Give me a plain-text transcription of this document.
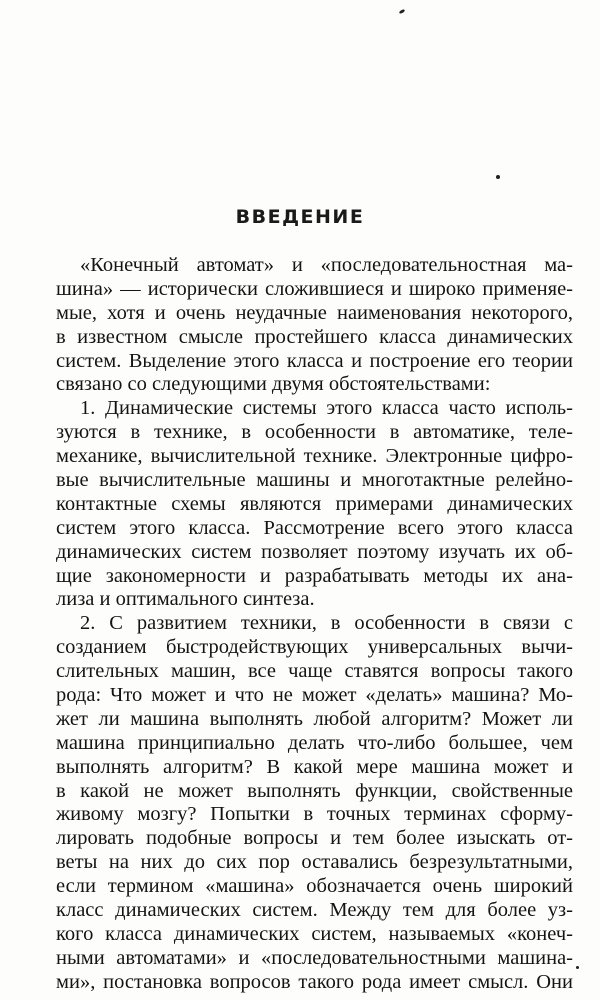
ВВЕДЕНИЕ
«Конечный автомат» и «последовательностная ма-
шина» — исторически сложившиеся и широко применяе-
мые, хотя и очень неудачные наименования некоторого,
в известном смысле простейшего класса динамических
систем. Выделение этого класса и построение его теории
связано со следующими двумя обстоятельствами:
1. Динамические системы этого класса часто исполь-
зуются в технике, в особенности в автоматике, теле-
механике, вычислительной технике. Электронные цифро-
вые вычислительные машины и многотактные релейно-
контактные схемы являются примерами динамических
систем этого класса. Рассмотрение всего этого класса
динамических систем позволяет поэтому изучать их об-
щие закономерности и разрабатывать методы их ана-
лиза и оптимального синтеза.
2. С развитием техники, в особенности в связи с
созданием быстродействующих универсальных вычи-
слительных машин, все чаще ставятся вопросы такого
рода: Что может и что не может «делать» машина? Мо-
жет ли машина выполнять любой алгоритм? Может ли
машина принципиально делать что-либо большее, чем
выполнять алгоритм? В какой мере машина может и
в какой не может выполнять функции, свойственные
живому мозгу? Попытки в точных терминах сформу-
лировать подобные вопросы и тем более изыскать от-
веты на них до сих пор оставались безрезультатными,
если термином «машина» обозначается очень широкий
класс динамических систем. Между тем для более уз-
кого класса динамических систем, называемых «конеч-
ными автоматами» и «последовательностными машина-
ми», постановка вопросов такого рода имеет смысл. Они
